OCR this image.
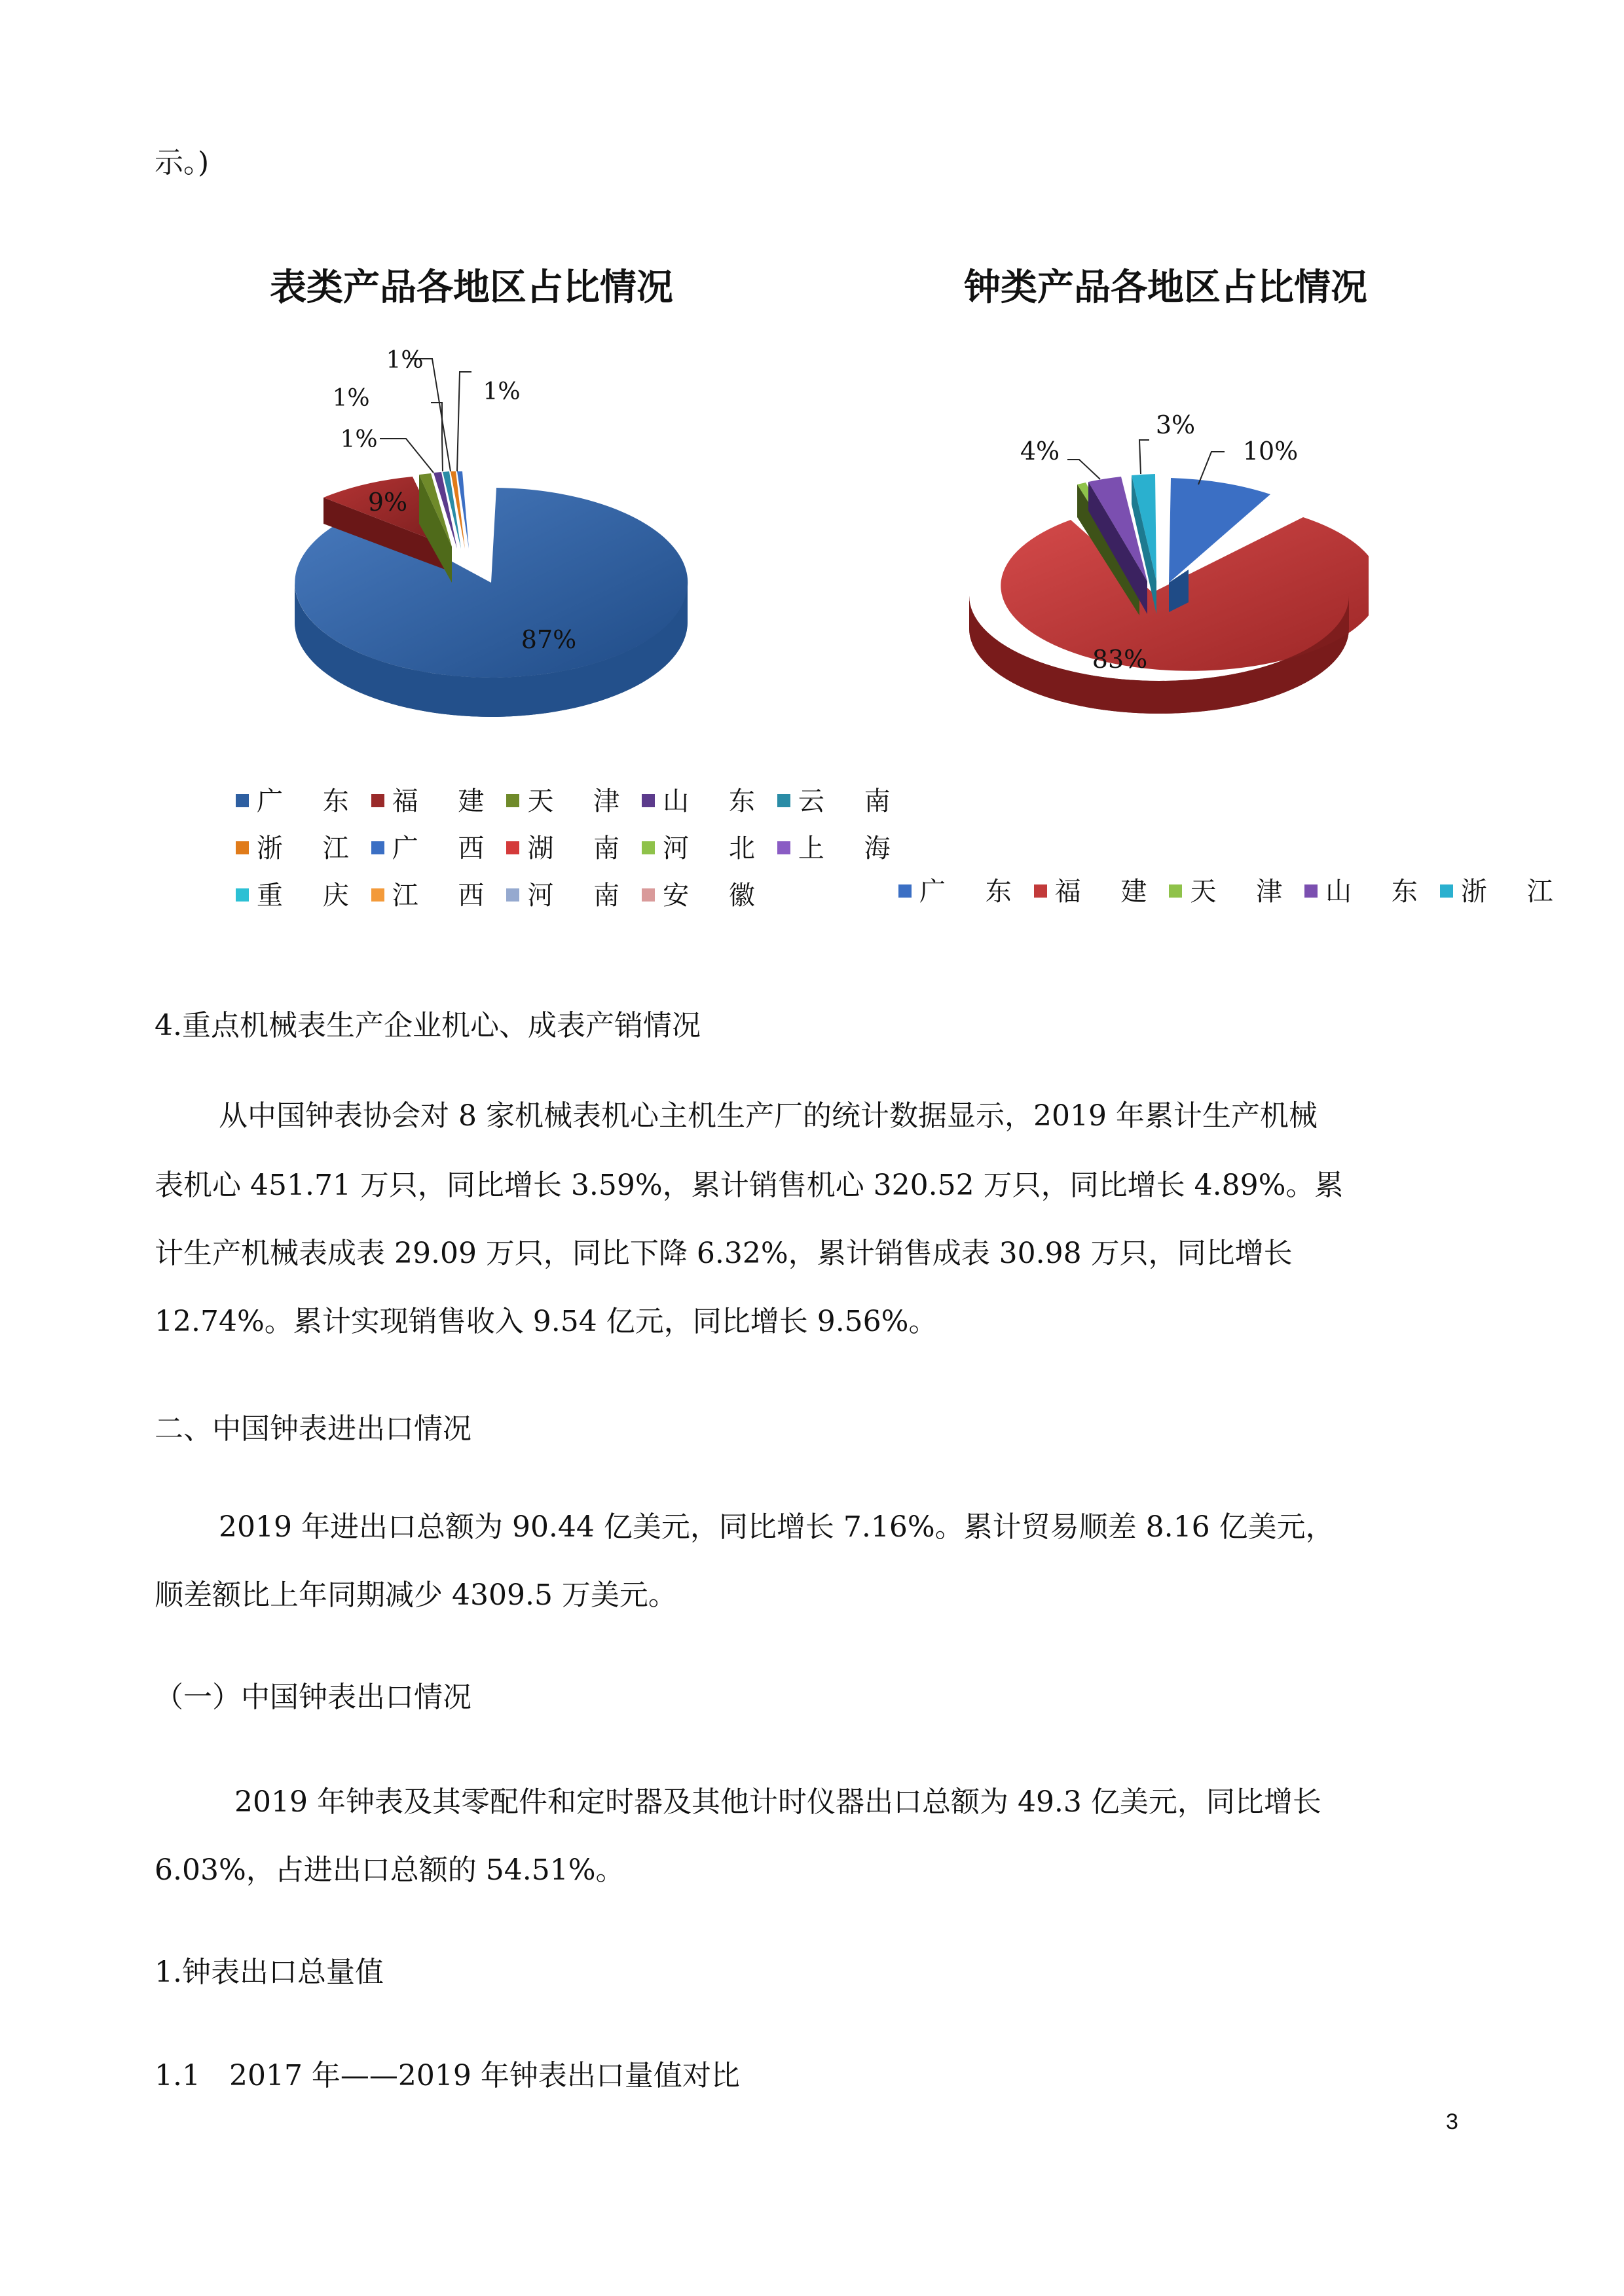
示。)
表类产品各地区占比情况
87%
9%
1%
1%
1%
1%
广 东 福 建 天 津 山 东 云 南
浙 江 广 西 湖 南 河 北 上 海
重 庆 江 西 河 南 安 徽
钟类产品各地区占比情况
83%
10%
4%
3%
广 东 福 建 天 津 山 东 浙 江
4.重点机械表生产企业机心、成表产销情况
从中国钟表协会对 8 家机械表机心主机生产厂的统计数据显示，2019 年累计生产机械
表机心 451.71 万只，同比增长 3.59%，累计销售机心 320.52 万只，同比增长 4.89%。累
计生产机械表成表 29.09 万只，同比下降 6.32%，累计销售成表 30.98 万只，同比增长
12.74%。累计实现销售收入 9.54 亿元，同比增长 9.56%。
二、中国钟表进出口情况
2019 年进出口总额为 90.44 亿美元，同比增长 7.16%。累计贸易顺差 8.16 亿美元，
顺差额比上年同期减少 4309.5 万美元。
（一）中国钟表出口情况
2019 年钟表及其零配件和定时器及其他计时仪器出口总额为 49.3 亿美元，同比增长
6.03%，占进出口总额的 54.51%。
1.钟表出口总量值
1.1　2017 年——2019 年钟表出口量值对比
3
